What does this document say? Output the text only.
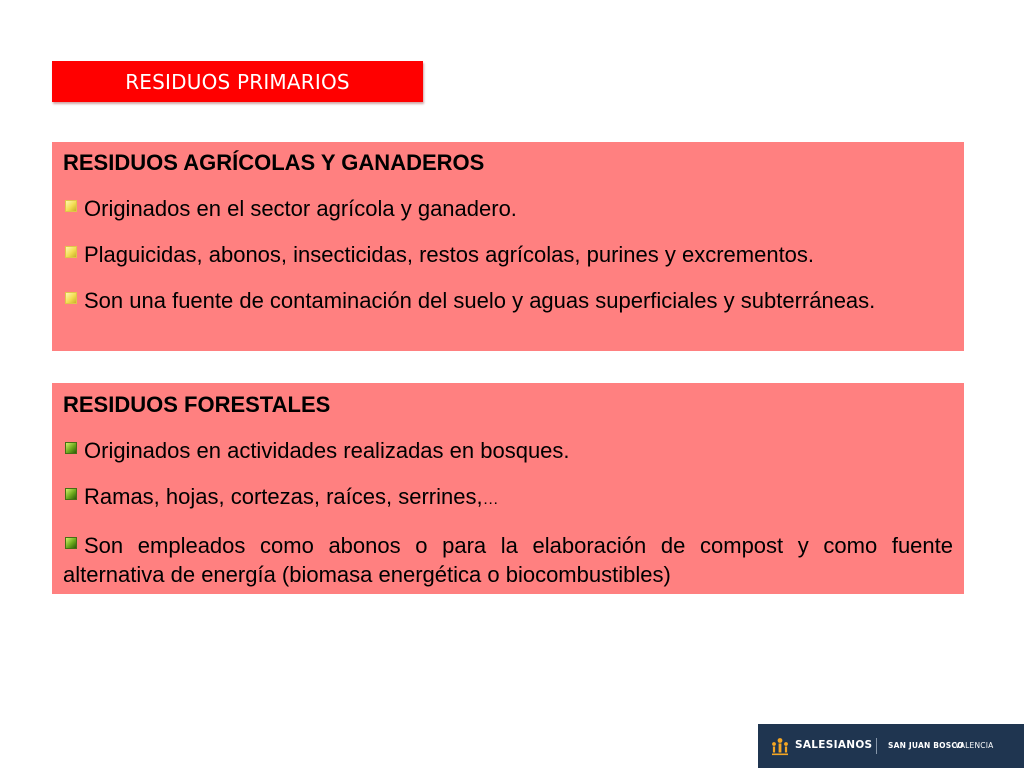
RESIDUOS PRIMARIOS

RESIDUOS AGRÍCOLAS Y GANADEROS

Originados en el sector agrícola y ganadero.

Plaguicidas, abonos, insecticidas, restos agrícolas, purines y excrementos.

Son una fuente de contaminación del suelo y aguas superficiales y subterráneas.

RESIDUOS FORESTALES

Originados en actividades realizadas en bosques.

Ramas, hojas, cortezas, raíces, serrines,…

Son empleados como abonos o para la elaboración de compost y como fuente alternativa de energía (biomasa energética o biocombustibles)

SALESIANOS SAN JUAN BOSCO
VALENCIA
